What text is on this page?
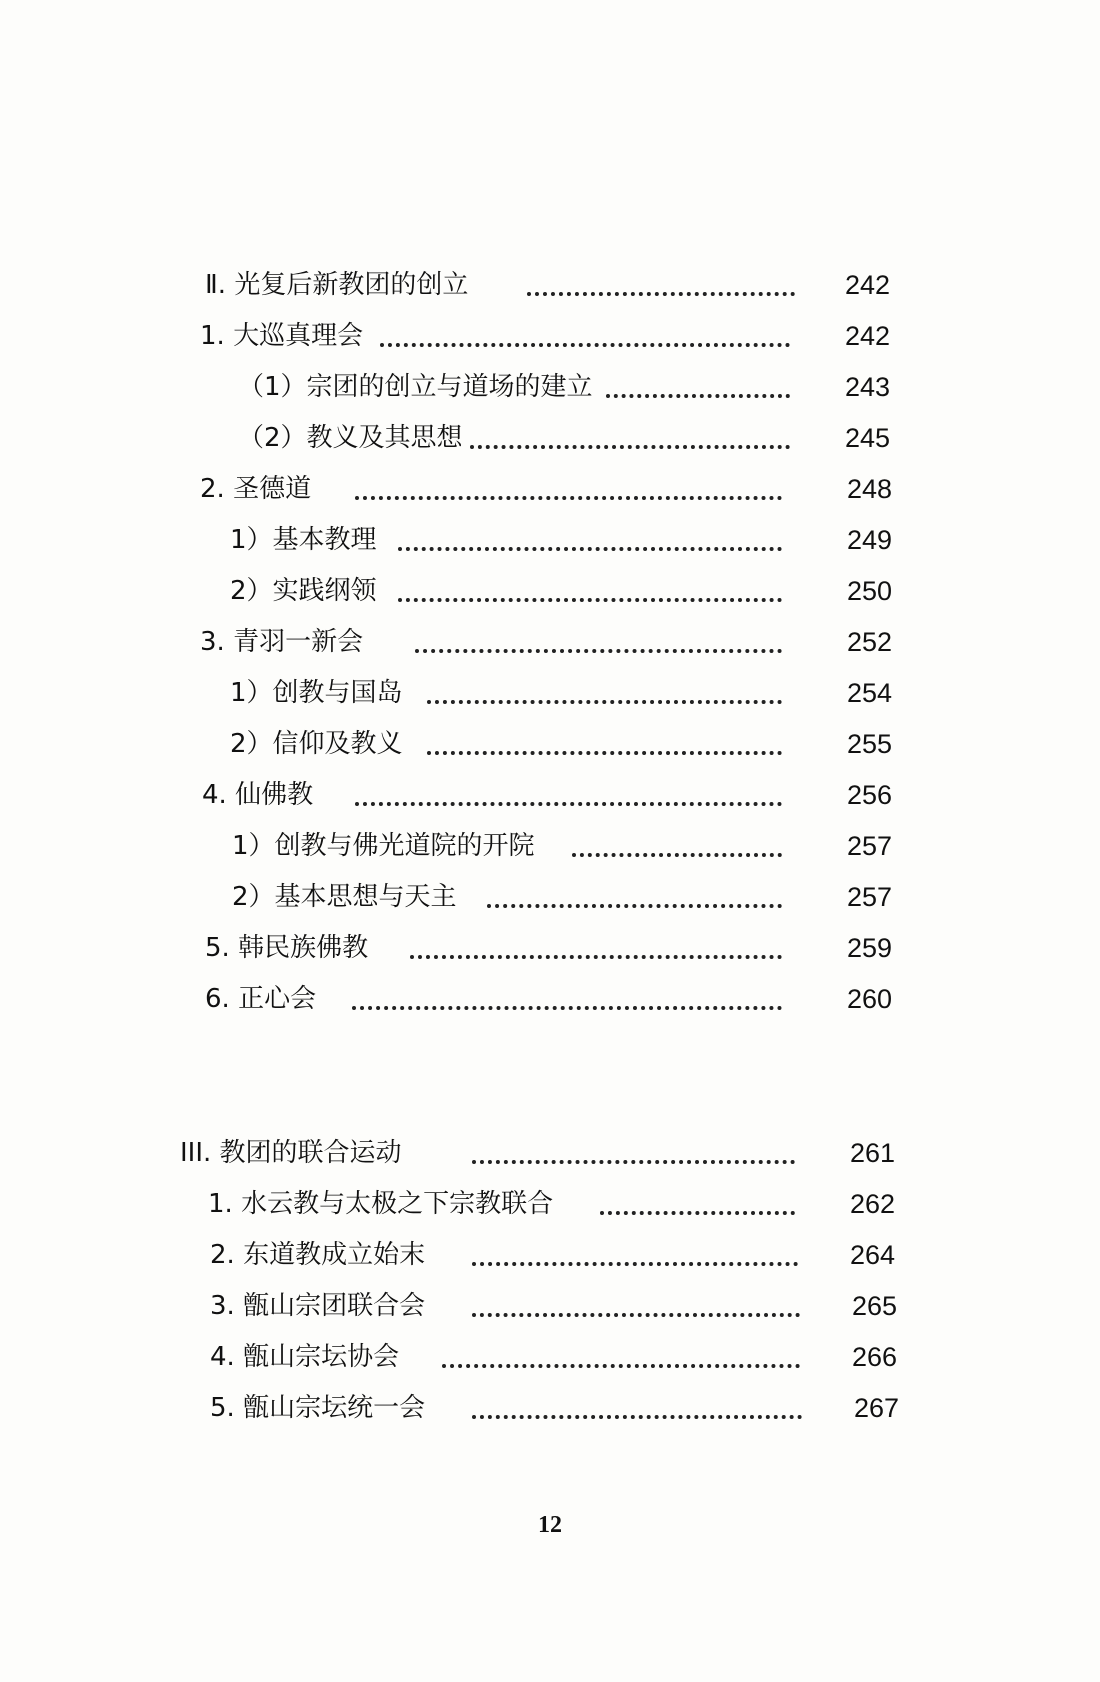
Ⅱ. 光复后新教团的创立	242
1. 大巡真理会	242
（1）宗团的创立与道场的建立	243
（2）教义及其思想	245
2. 圣德道	248
1）基本教理	249
2）实践纲领	250
3. 青羽一新会	252
1）创教与国岛	254
2）信仰及教义	255
4. 仙佛教	256
1）创教与佛光道院的开院	257
2）基本思想与天主	257
5. 韩民族佛教	259
6. 正心会	260
III. 教团的联合运动	261
1. 水云教与太极之下宗教联合	262
2. 东道教成立始末	264
3. 甑山宗团联合会	265
4. 甑山宗坛协会	266
5. 甑山宗坛统一会	267
12
